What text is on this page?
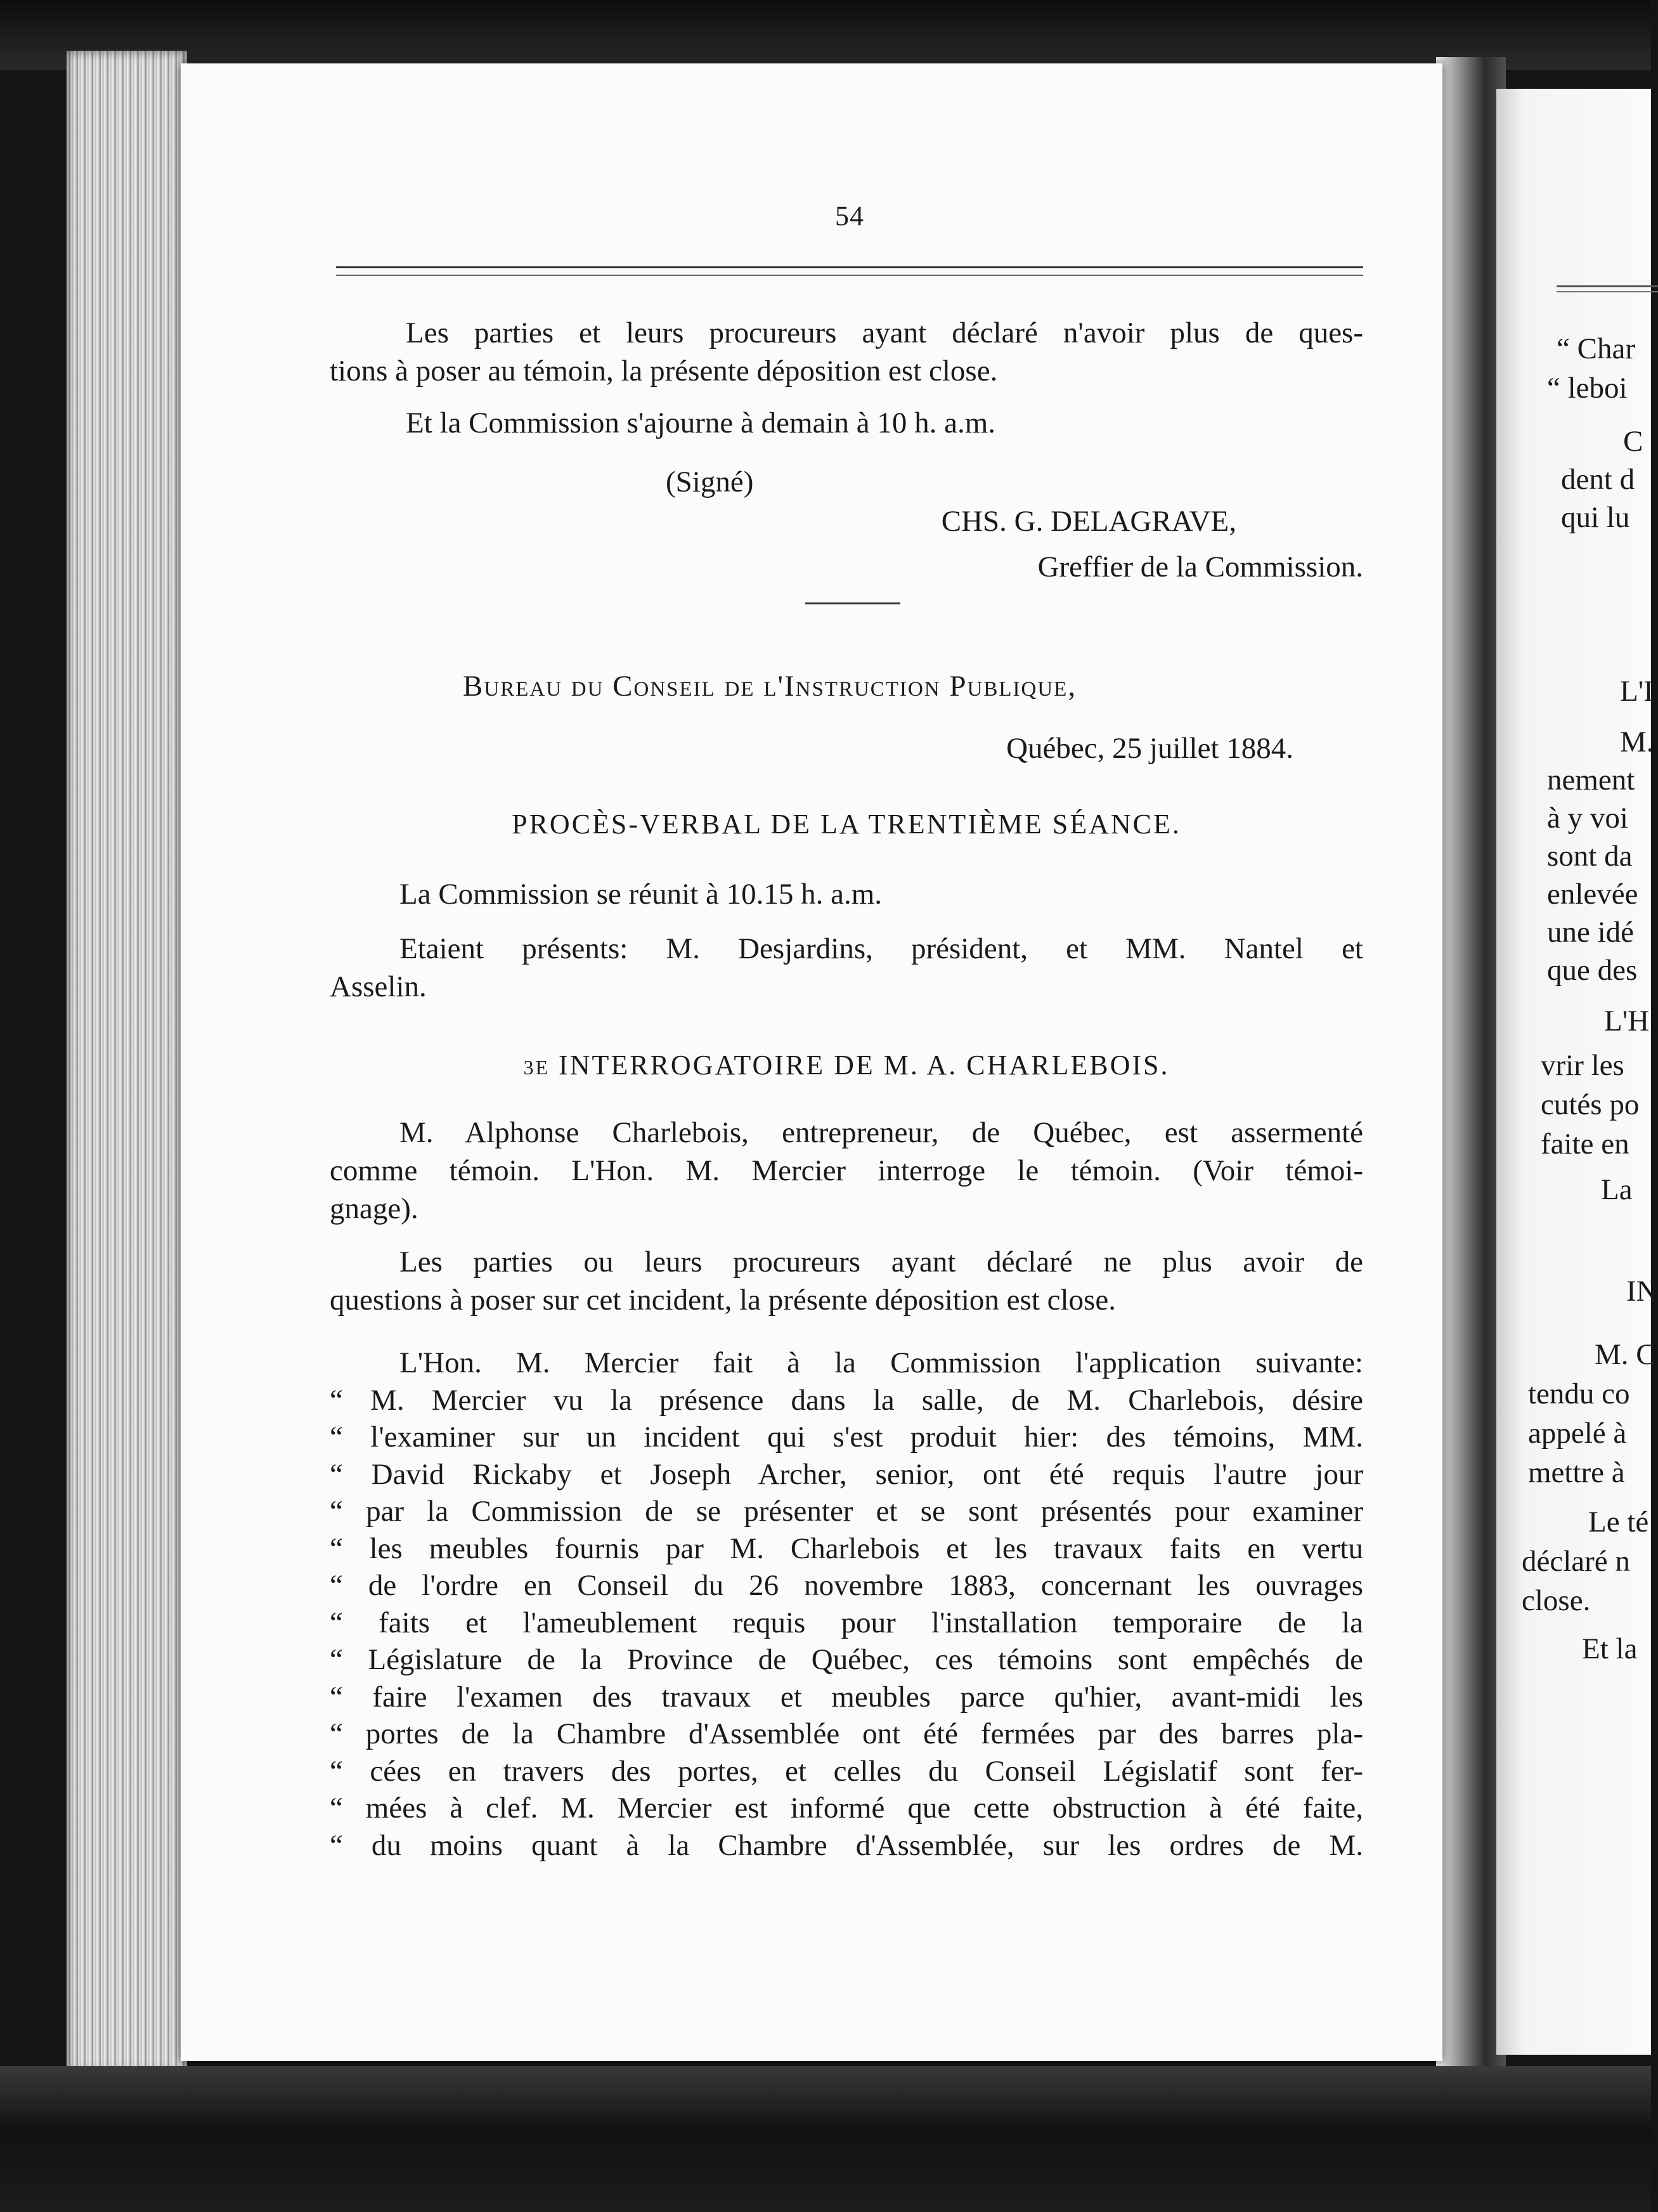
“ Char
“ leboi
C
dent d
qui lu
L'I
M.
nement
à y voi
sont da
enlevée
une idé
que des
L'H
vrir les
cutés po
faite en
La
IN
M. C
tendu co
appelé à
mettre à
Le té
déclaré n
close.
Et la
54
Les parties et leurs procureurs ayant déclaré n'avoir plus de ques-
tions à poser au témoin, la présente déposition est close.

Et la Commission s'ajourne à demain à 10 h. a.m.

(Signé)
CHS. G. DELAGRAVE,
Greffier de la Commission.
Bureau du Conseil de l'Instruction Publique,
Québec, 25 juillet 1884.
PROCÈS-VERBAL DE LA TRENTIÈME SÉANCE.

La Commission se réunit à 10.15 h. a.m.

Etaient présents: M. Desjardins, président, et MM. Nantel et
Asselin.
3E INTERROGATOIRE DE M. A. CHARLEBOIS.
M. Alphonse Charlebois, entrepreneur, de Québec, est assermenté
comme témoin. L'Hon. M. Mercier interroge le témoin. (Voir témoi-
gnage).
Les parties ou leurs procureurs ayant déclaré ne plus avoir de
questions à poser sur cet incident, la présente déposition est close.
L'Hon. M. Mercier fait à la Commission l'application suivante:
“ M. Mercier vu la présence dans la salle, de M. Charlebois, désire
“ l'examiner sur un incident qui s'est produit hier: des témoins, MM.
“ David Rickaby et Joseph Archer, senior, ont été requis l'autre jour
“ par la Commission de se présenter et se sont présentés pour examiner
“ les meubles fournis par M. Charlebois et les travaux faits en vertu
“ de l'ordre en Conseil du 26 novembre 1883, concernant les ouvrages
“ faits et l'ameublement requis pour l'installation temporaire de la
“ Législature de la Province de Québec, ces témoins sont empêchés de
“ faire l'examen des travaux et meubles parce qu'hier, avant-midi les
“ portes de la Chambre d'Assemblée ont été fermées par des barres pla-
“ cées en travers des portes, et celles du Conseil Législatif sont fer-
“ mées à clef. M. Mercier est informé que cette obstruction à été faite,
“ du moins quant à la Chambre d'Assemblée, sur les ordres de M.
